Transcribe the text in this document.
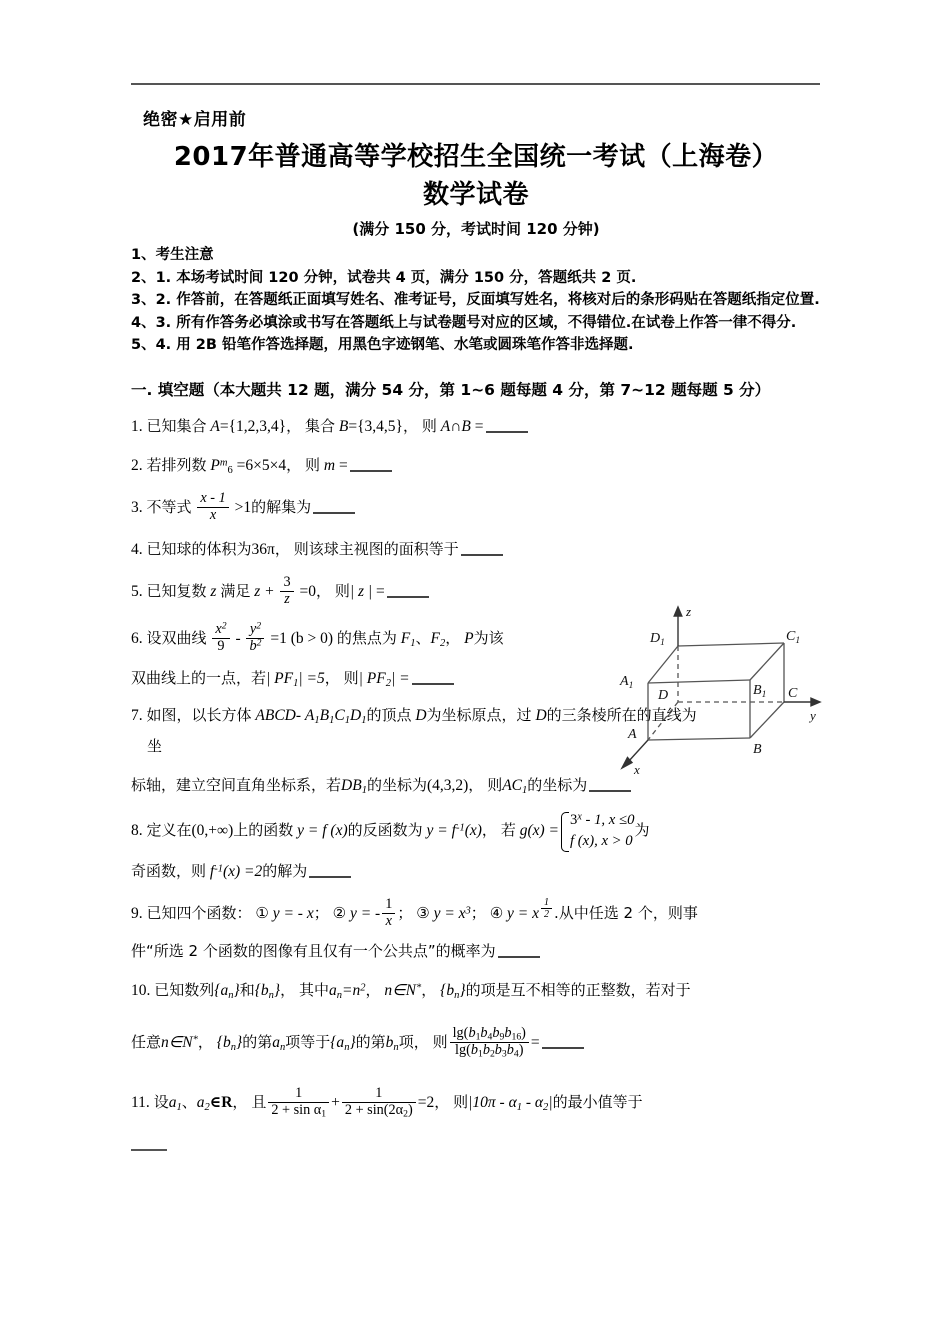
绝密★启用前
2017年普通高等学校招生全国统一考试（上海卷）
数学试卷
(满分 150 分，考试时间 120 分钟)
1、考生注意
2、1. 本场考试时间 120 分钟，试卷共 4 页，满分 150 分，答题纸共 2 页.
3、2. 作答前，在答题纸正面填写姓名、准考证号，反面填写姓名，将核对后的条形码贴在答题纸指定位置.
4、3. 所有作答务必填涂或书写在答题纸上与试卷题号对应的区域，不得错位.在试卷上作答一律不得分.
5、4. 用 2B 铅笔作答选择题，用黑色字迹钢笔、水笔或圆珠笔作答非选择题.
一. 填空题（本大题共 12 题，满分 54 分，第 1~6 题每题 4 分，第 7~12 题每题 5 分）
1. 已知集合 A={1,2,3,4}， 集合 B={3,4,5}， 则 A∩B =
2. 若排列数 $P^m_6 =6\times 5\times 4$， 则 m =
3. 不等式 $\frac{x - 1}{x} >1$的解集为
4. 已知球的体积为36π， 则该球主视图的面积等于
5. 已知复数 z 满足 $z + \frac{3}{z} =0$， 则| z | =
6. 设双曲线 $\frac{x^2}{9} - \frac{y^2}{b^2} =1$ (b > 0) 的焦点为 $F_1$、$F_2$， P为该
双曲线上的一点，若| $PF_1| =5$， 则| $PF_2|$ =
7. 如图，以长方体 ABCD- $A_1B_1C_1D_1$的顶点 D为坐标原点，过 D的三条棱所在的直线为
坐
标轴，建立空间直角坐标系，若$DB_1$的坐标为(4,3,2)， 则$AC_1$的坐标为
8. 定义在(0,+∞)上的函数 y = f (x)的反函数为 $y = f^{-1}(x)$， 若 g(x) =
$3^x - 1$, x ≤0
f (x), x > 0
为
奇函数，则 $f^{-1}(x) =2$的解为
9. 已知四个函数： ① y = - x； ② y = - $\frac{1}{x}$ ； ③ $y = x^3$； ④ y = x $^{\frac{1}{2}}$ .从中任选 2 个，则事
件“所选 2 个函数的图像有且仅有一个公共点”的概率为
10. 已知数列$\{a_n\}$和$\{b_n\}$， 其中$a_n=n^2$， n∈N*， $\{b_n\}$的项是互不相等的正整数，若对于
任意n∈N*， $\{b_n\}$的第$a_n$项等于$\{a_n\}$的第$b_n$项， 则 $\frac{\lg(b_1b_4b_9b_{16})}{\lg(b_1b_2b_3b_4)}$ =
11. 设$a_1$、$a_2\in R$， 且 $\frac{1}{2 + \sin \alpha_1} + \frac{1}{2 + \sin(2\alpha_2)} =2$， 则$|10\pi - \alpha_1 - \alpha_2|$的最小值等于
$D_1$	$C_1$
$A_1$	$B_1$
D	C
A
B
z
y
x
